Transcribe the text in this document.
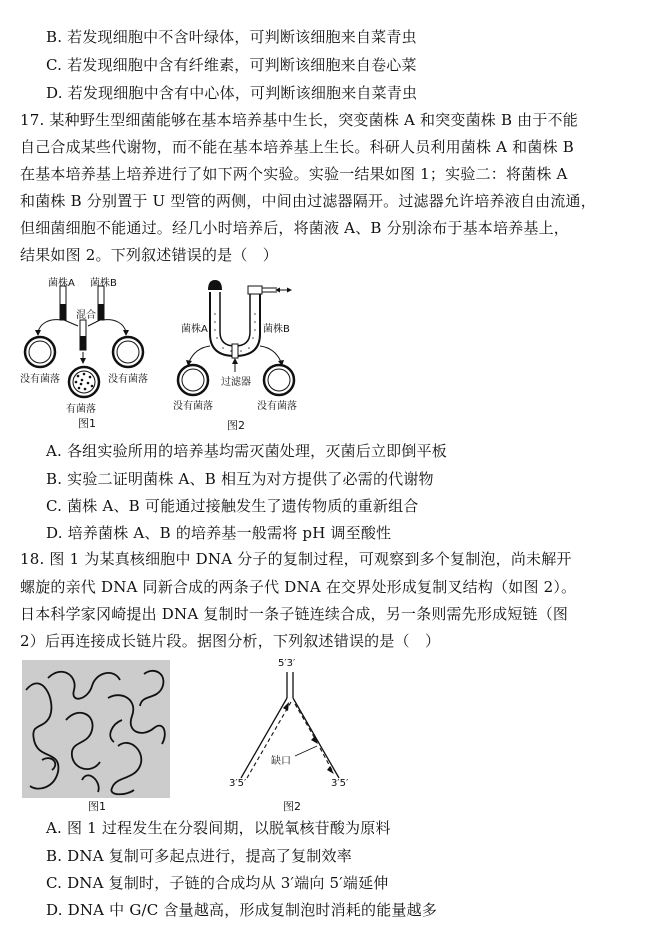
B. 若发现细胞中不含叶绿体，可判断该细胞来自菜青虫
C. 若发现细胞中含有纤维素，可判断该细胞来自卷心菜
D. 若发现细胞中含有中心体，可判断该细胞来自菜青虫
17. 某种野生型细菌能够在基本培养基中生长，突变菌株 A 和突变菌株 B 由于不能
自己合成某些代谢物，而不能在基本培养基上生长。科研人员利用菌株 A 和菌株 B
在基本培养基上培养进行了如下两个实验。实验一结果如图 1；实验二：将菌株 A
和菌株 B 分别置于 U 型管的两侧，中间由过滤器隔开。过滤器允许培养液自由流通，
但细菌细胞不能通过。经几小时培养后，将菌液 A、B 分别涂布于基本培养基上，
结果如图 2。下列叙述错误的是（　）
菌株A 菌株B
混合
没有菌落	没有菌落
有菌落
图1
菌株A	菌株B
过滤器
没有菌落	没有菌落
图2
A. 各组实验所用的培养基均需灭菌处理，灭菌后立即倒平板
B. 实验二证明菌株 A、B 相互为对方提供了必需的代谢物
C. 菌株 A、B 可能通过接触发生了遗传物质的重新组合
D. 培养菌株 A、B 的培养基一般需将 pH 调至酸性
18. 图 1 为某真核细胞中 DNA 分子的复制过程，可观察到多个复制泡，尚未解开
螺旋的亲代 DNA 同新合成的两条子代 DNA 在交界处形成复制叉结构（如图 2）。
日本科学家冈崎提出 DNA 复制时一条子链连续合成，另一条则需先形成短链（图
2）后再连接成长链片段。据图分析，下列叙述错误的是（　）
图1
5′3′
缺口
3′5′	3′5′
图2
A. 图 1 过程发生在分裂间期，以脱氧核苷酸为原料
B. DNA 复制可多起点进行，提高了复制效率
C. DNA 复制时，子链的合成均从 3′端向 5′端延伸
D. DNA 中 G/C 含量越高，形成复制泡时消耗的能量越多
